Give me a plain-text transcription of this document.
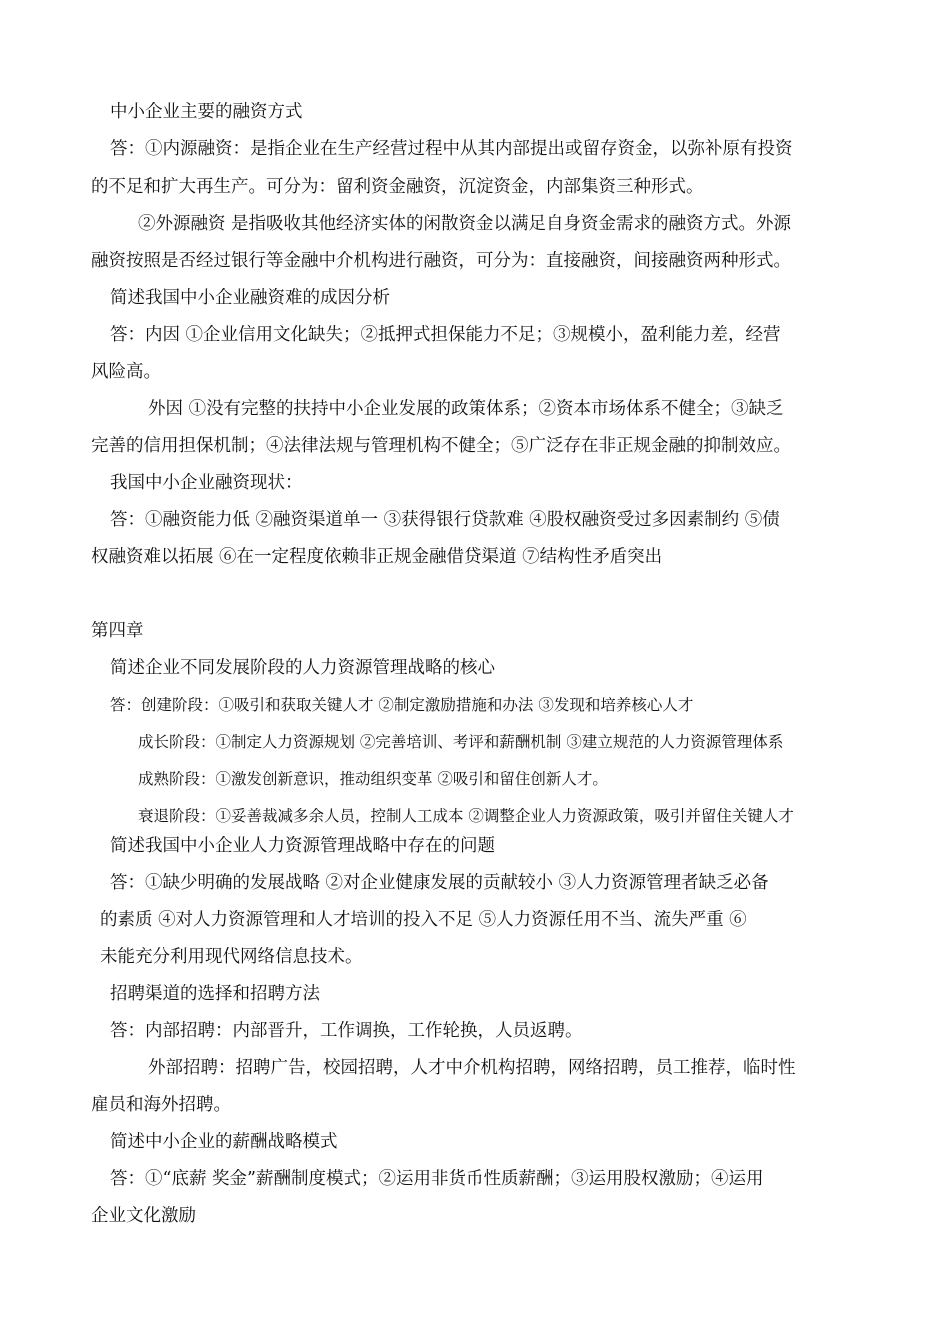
中小企业主要的融资方式
答：①内源融资：是指企业在生产经营过程中从其内部提出或留存资金，以弥补原有投资
的不足和扩大再生产。可分为：留利资金融资，沉淀资金，内部集资三种形式。
②外源融资 是指吸收其他经济实体的闲散资金以满足自身资金需求的融资方式。外源
融资按照是否经过银行等金融中介机构进行融资，可分为：直接融资，间接融资两种形式。
简述我国中小企业融资难的成因分析
答：内因 ①企业信用文化缺失；②抵押式担保能力不足；③规模小，盈利能力差，经营
风险高。
外因 ①没有完整的扶持中小企业发展的政策体系；②资本市场体系不健全；③缺乏
完善的信用担保机制；④法律法规与管理机构不健全；⑤广泛存在非正规金融的抑制效应。
我国中小企业融资现状：
答：①融资能力低 ②融资渠道单一 ③获得银行贷款难 ④股权融资受过多因素制约 ⑤债
权融资难以拓展 ⑥在一定程度依赖非正规金融借贷渠道 ⑦结构性矛盾突出
第四章
简述企业不同发展阶段的人力资源管理战略的核心
答：创建阶段：①吸引和获取关键人才 ②制定激励措施和办法 ③发现和培养核心人才
成长阶段：①制定人力资源规划 ②完善培训、考评和薪酬机制 ③建立规范的人力资源管理体系
成熟阶段：①激发创新意识，推动组织变革 ②吸引和留住创新人才。
衰退阶段：①妥善裁减多余人员，控制人工成本 ②调整企业人力资源政策，吸引并留住关键人才
简述我国中小企业人力资源管理战略中存在的问题
答：①缺少明确的发展战略 ②对企业健康发展的贡献较小 ③人力资源管理者缺乏必备
的素质 ④对人力资源管理和人才培训的投入不足 ⑤人力资源任用不当、流失严重 ⑥
未能充分利用现代网络信息技术。
招聘渠道的选择和招聘方法
答：内部招聘：内部晋升，工作调换，工作轮换，人员返聘。
外部招聘：招聘广告，校园招聘，人才中介机构招聘，网络招聘，员工推荐，临时性
雇员和海外招聘。
简述中小企业的薪酬战略模式
答：①“底薪 奖金”薪酬制度模式；②运用非货币性质薪酬；③运用股权激励；④运用
企业文化激励
